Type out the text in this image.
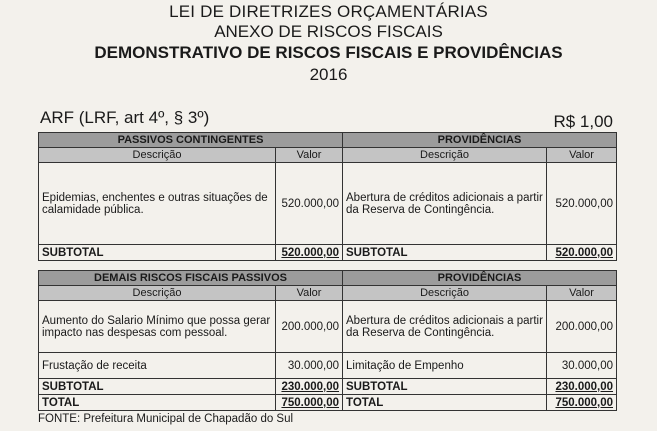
LEI DE DIRETRIZES ORÇAMENTÁRIAS
ANEXO DE RISCOS FISCAIS
DEMONSTRATIVO DE RISCOS FISCAIS E PROVIDÊNCIAS
2016
ARF (LRF, art 4º, § 3º)	R$ 1,00
PASSIVOS CONTINGENTES		PROVIDÊNCIAS	
Descrição	Valor	Descrição	Valor
Epidemias, enchentes e outras situações de calamidade pública.	520.000,00	Abertura de créditos adicionais a partir da Reserva de Contingência.	520.000,00
SUBTOTAL	520.000,00	SUBTOTAL	520.000,00
DEMAIS RISCOS FISCAIS PASSIVOS		PROVIDÊNCIAS	
Descrição	Valor	Descrição	Valor
Aumento do Salario Mínimo que possa gerar impacto nas despesas com pessoal.	200.000,00	Abertura de créditos adicionais a partir da Reserva de Contingência.	200.000,00
Frustação de receita	30.000,00	Limitação de Empenho	30.000,00
SUBTOTAL	230.000,00	SUBTOTAL	230.000,00
TOTAL	750.000,00	TOTAL	750.000,00
FONTE: Prefeitura Municipal de Chapadão do Sul
